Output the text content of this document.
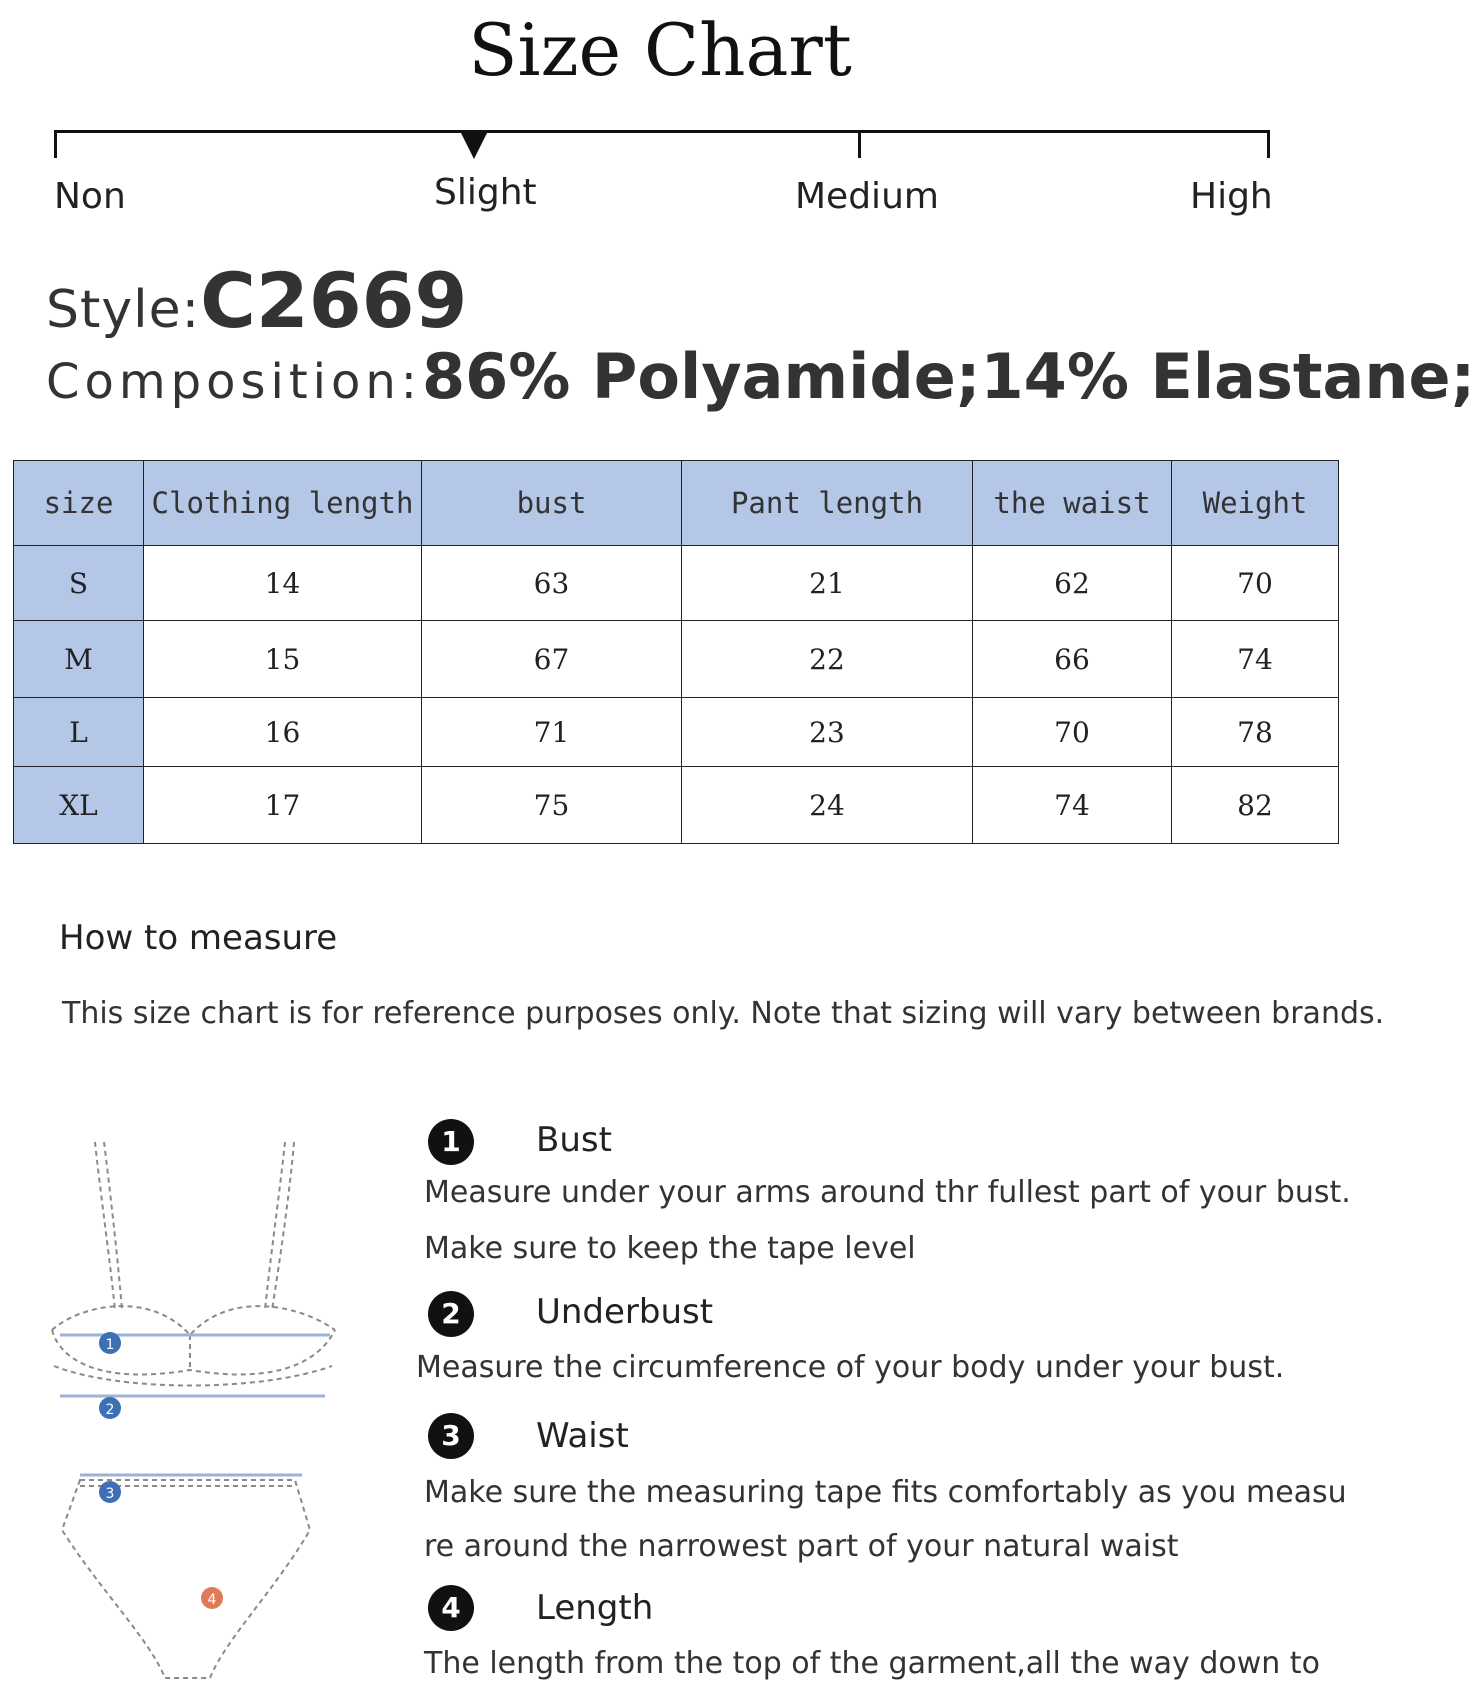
Size Chart
Non	Slight	Medium	High
Style:C2669
Composition:86% Polyamide;14% Elastane;
size	Clothing length	bust	Pant length	the waist	Weight
S	14	63	21	62	70
M	15	67	22	66	74
L	16	71	23	70	78
XL	17	75	24	74	82
How to measure
This size chart is for reference purposes only. Note that sizing will vary between brands.
1
2
3
4
1	Bust
Measure under your arms around thr fullest part of your bust.
Make sure to keep the tape level
2	Underbust
Measure the circumference of your body under your bust.
3	Waist
Make sure the measuring tape fits comfortably as you measu
re around the narrowest part of your natural waist
4	Length
The length from the top of the garment,all the way down to
